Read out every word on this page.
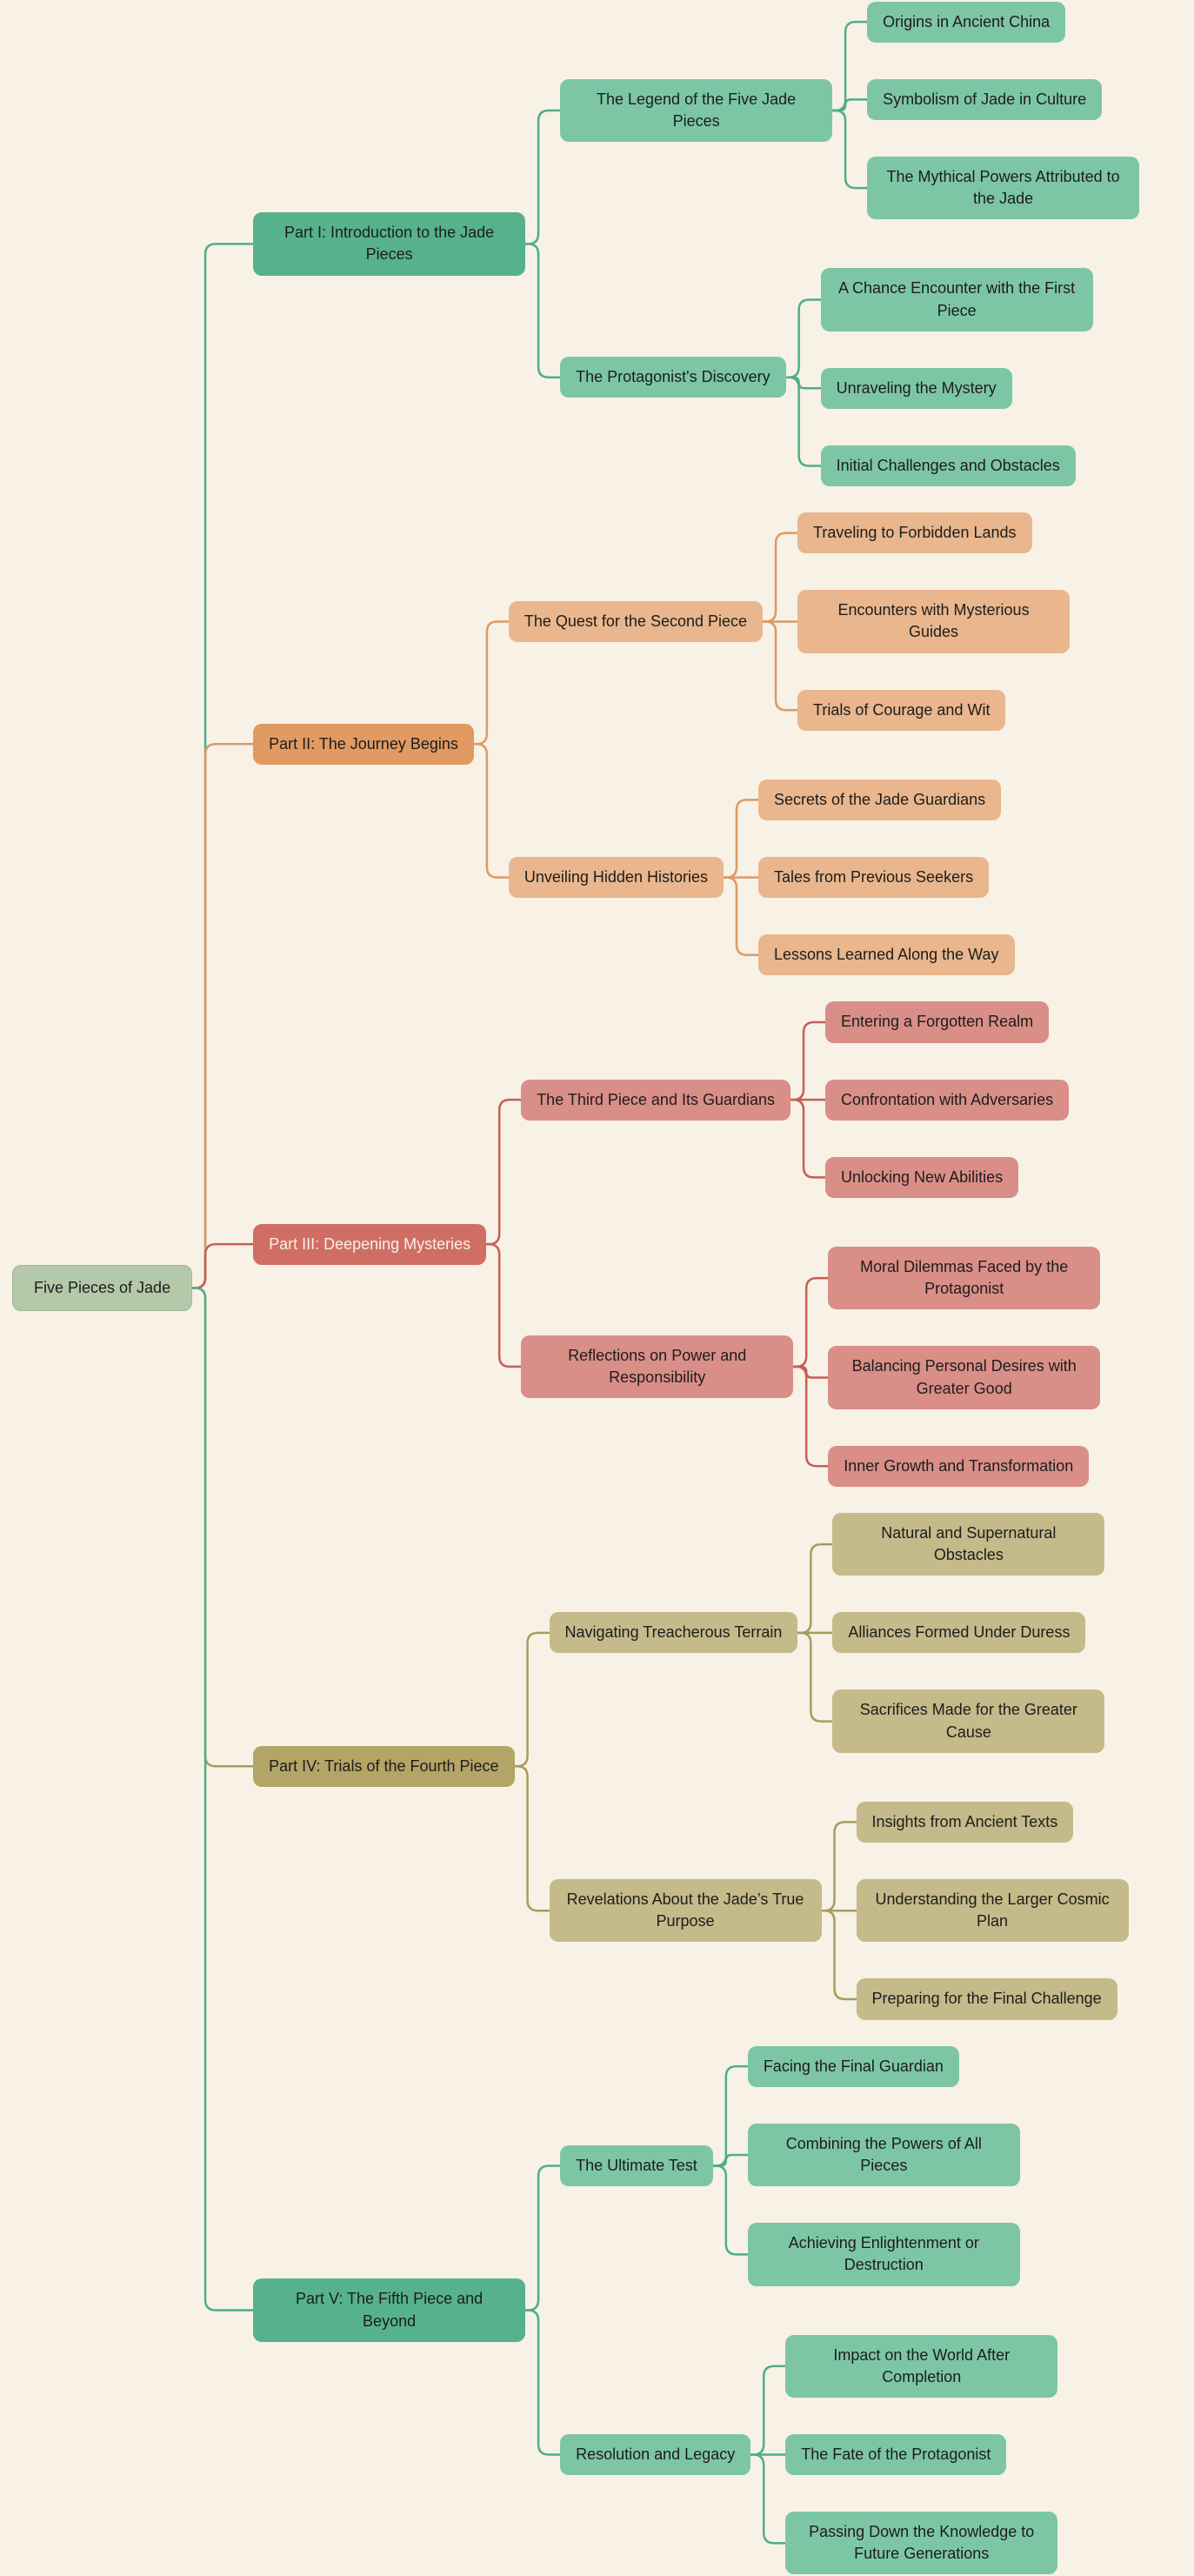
Five Pieces of Jade
Part I: Introduction to the Jade Pieces
The Legend of the Five Jade Pieces
Origins in Ancient China
Symbolism of Jade in Culture
The Mythical Powers Attributed to the Jade
The Protagonist's Discovery
A Chance Encounter with the First Piece
Unraveling the Mystery
Initial Challenges and Obstacles
Part II: The Journey Begins
The Quest for the Second Piece
Traveling to Forbidden Lands
Encounters with Mysterious Guides
Trials of Courage and Wit
Unveiling Hidden Histories
Secrets of the Jade Guardians
Tales from Previous Seekers
Lessons Learned Along the Way
Part III: Deepening Mysteries
The Third Piece and Its Guardians
Entering a Forgotten Realm
Confrontation with Adversaries
Unlocking New Abilities
Reflections on Power and Responsibility
Moral Dilemmas Faced by the Protagonist
Balancing Personal Desires with Greater Good
Inner Growth and Transformation
Part IV: Trials of the Fourth Piece
Navigating Treacherous Terrain
Natural and Supernatural Obstacles
Alliances Formed Under Duress
Sacrifices Made for the Greater Cause
Revelations About the Jade’s True Purpose
Insights from Ancient Texts
Understanding the Larger Cosmic Plan
Preparing for the Final Challenge
Part V: The Fifth Piece and Beyond
The Ultimate Test
Facing the Final Guardian
Combining the Powers of All Pieces
Achieving Enlightenment or Destruction
Resolution and Legacy
Impact on the World After Completion
The Fate of the Protagonist
Passing Down the Knowledge to Future Generations
